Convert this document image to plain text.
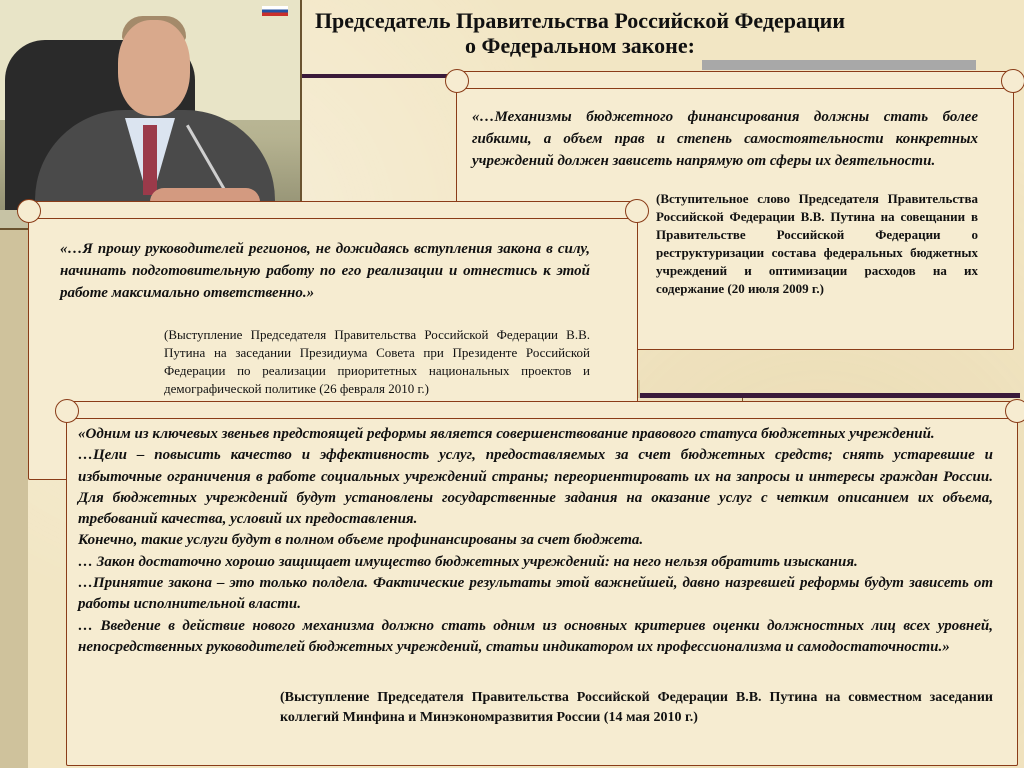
Председатель Правительства Российской Федерации
о Федеральном законе:
«…Механизмы бюджетного финансирования должны стать более гибкими, а объем прав и степень самостоятельности конкретных учреждений должен зависеть напрямую от сферы их деятельности.
(Вступительное слово Председателя Правительства Российской Федерации В.В. Путина на совещании в Правительстве Российской Федерации о реструктуризации состава федеральных бюджетных учреждений и оптимизации расходов на их содержание (20 июля 2009 г.)
«…Я прошу руководителей регионов, не дожидаясь вступления закона в силу, начинать подготовительную работу по его реализации и отнестись к этой работе максимально ответственно.»
(Выступление Председателя Правительства Российской Федерации В.В. Путина на заседании Президиума Совета при Президенте Российской Федерации по реализации приоритетных национальных проектов и демографической политике (26 февраля 2010 г.)

«Одним из ключевых звеньев предстоящей реформы является совершенствование правового статуса бюджетных учреждений.

…Цели – повысить качество и эффективность услуг, предоставляемых за счет бюджетных средств; снять устаревшие и избыточные ограничения в работе социальных учреждений страны; переориентировать их на запросы и интересы граждан России. Для бюджетных учреждений будут установлены государственные задания на оказание услуг с четким описанием их объема, требований качества, условий их предоставления.

Конечно, такие услуги будут в полном объеме профинансированы за счет бюджета.

… Закон достаточно хорошо защищает имущество бюджетных учреждений: на него нельзя обратить изыскания.

…Принятие закона – это только полдела. Фактические результаты этой важнейшей, давно назревшей реформы будут зависеть от работы исполнительной власти.

… Введение в действие нового механизма должно стать одним из основных критериев оценки должностных лиц всех уровней, непосредственных руководителей бюджетных учреждений, статьи индикатором их профессионализма и самодостаточности.»

(Выступление Председателя Правительства Российской Федерации В.В. Путина на совместном заседании коллегий Минфина и Минэкономразвития России (14 мая 2010 г.)
